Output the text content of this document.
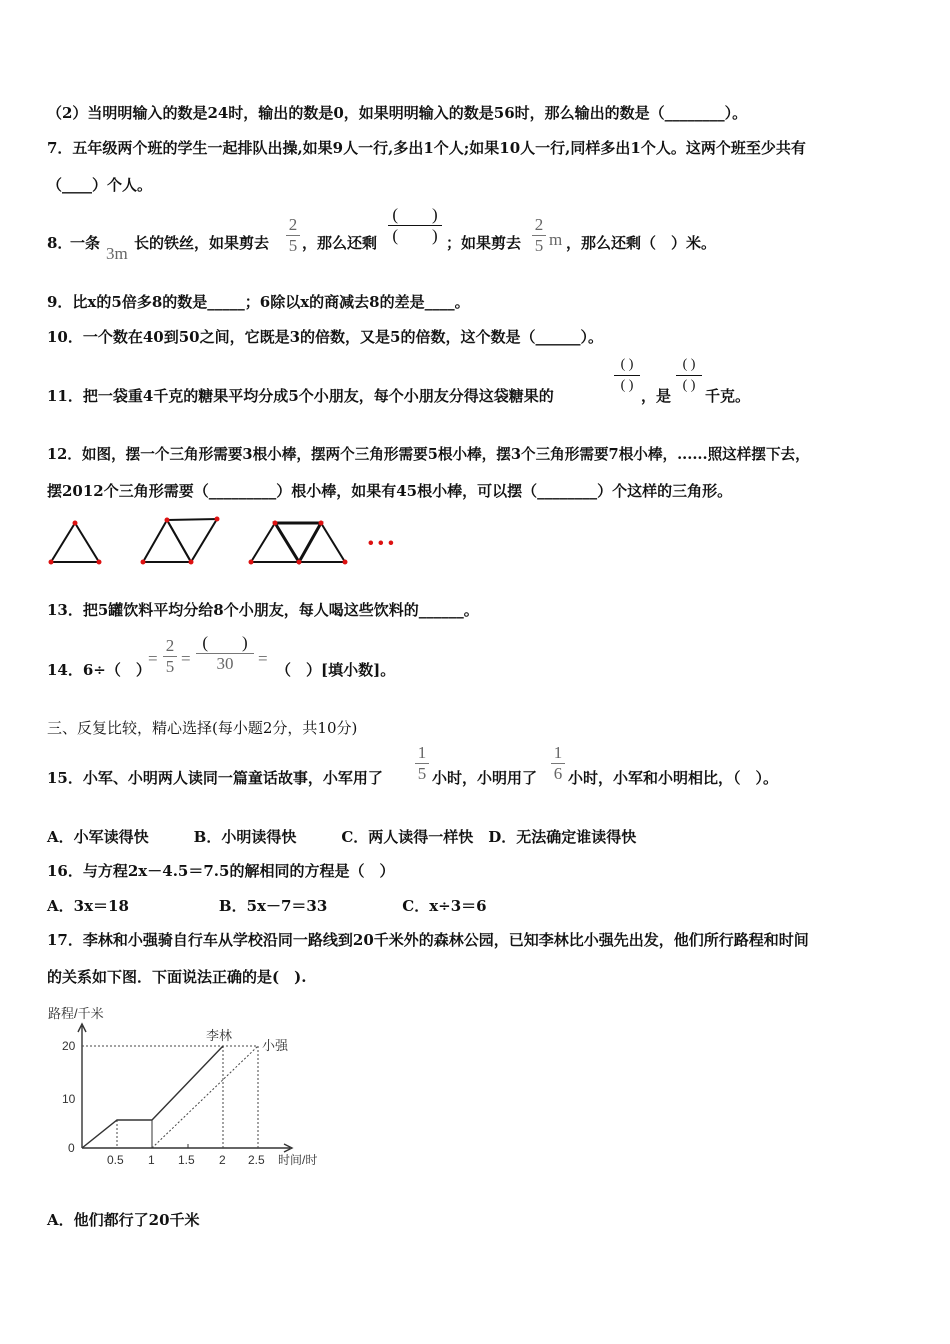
（2）当明明输入的数是24时，输出的数是0，如果明明输入的数是56时，那么输出的数是（________）。
7．五年级两个班的学生一起排队出操,如果9人一行,多出1个人;如果10人一行,同样多出1个人。这两个班至少共有
（____）个人。
8．
一条
3m
长的铁丝，如果剪去
2
5 ，那么还剩
(　　)
(　　) ；如果剪去
2
5 m ，那么还剩（　）米。
9．比x的5倍多8的数是_____；6除以x的商减去8的差是____。
10．一个数在40到50之间，它既是3的倍数，又是5的倍数，这个数是（______）。
11．把一袋重4千克的糖果平均分成5个小朋友，每个小朋友分得这袋糖果的
( )
( )
，是
( )
( )
千克。
12．如图，摆一个三角形需要3根小棒，摆两个三角形需要5根小棒，摆3个三角形需要7根小棒，......照这样摆下去，
摆2012个三角形需要（_________）根小棒，如果有45根小棒，可以摆（________）个这样的三角形。
• • •
13．把5罐饮料平均分给8个小朋友，每人喝这些饮料的______。
14．6÷（　）
=
2
5 =
(　　)
30	=
（　）[填小数]。
三、反复比较，精心选择(每小题2分，共10分)
15．小军、小明两人读同一篇童话故事，小军用了
1
5 小时，小明用了
1
6 小时，小军和小明相比，（　）。
A．小军读得快　　　B．小明读得快　　　C．两人读得一样快　D．无法确定谁读得快
16．与方程2x－4.5＝7.5的解相同的方程是（　）
A．3x＝18　　　　　　B．5x－7＝33　　　　　C．x÷3＝6
17．李林和小强骑自行车从学校沿同一路线到20千米外的森林公园，已知李林比小强先出发，他们所行路程和时间
的关系如下图．下面说法正确的是(　).
路程/千米
0
10
20
0.5 1 1.5 2 2.5 时间/时
李林
小强
A．他们都行了20千米
